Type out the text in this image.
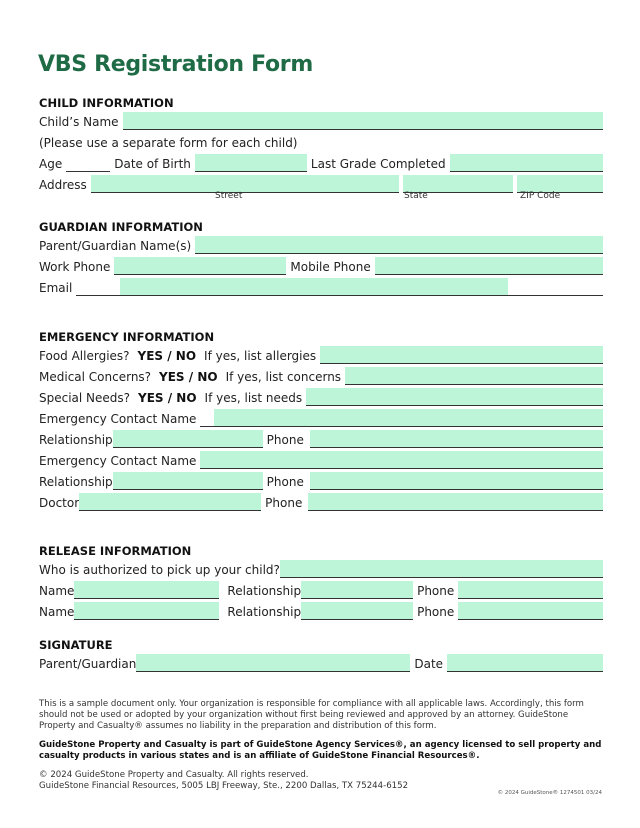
VBS Registration Form
CHILD INFORMATION
Child’s Name
(Please use a separate form for each child)
Age	Date of Birth	Last Grade Completed
Address
Street	State	ZIP Code
GUARDIAN INFORMATION
Parent/Guardian Name(s)
Work Phone	Mobile Phone
Email
EMERGENCY INFORMATION
Food Allergies? YES / NO If yes, list allergies
Medical Concerns? YES / NO If yes, list concerns
Special Needs? YES / NO If yes, list needs
Emergency Contact Name
Relationship	Phone
Emergency Contact Name
Relationship	Phone
Doctor	Phone
RELEASE INFORMATION
Who is authorized to pick up your child?
Name	Relationship	Phone
Name	Relationship	Phone
SIGNATURE
Parent/Guardian	Date
This is a sample document only. Your organization is responsible for compliance with all applicable laws. Accordingly, this form should not be used or adopted by your organization without first being reviewed and approved by an attorney. GuideStone Property and Casualty® assumes no liability in the preparation and distribution of this form.
GuideStone Property and Casualty is part of GuideStone Agency Services®, an agency licensed to sell property and casualty products in various states and is an affiliate of GuideStone Financial Resources®.
© 2024 GuideStone Property and Casualty. All rights reserved.
GuideStone Financial Resources, 5005 LBJ Freeway, Ste., 2200 Dallas, TX 75244-6152
© 2024 GuideStone® 1274501 03/24
